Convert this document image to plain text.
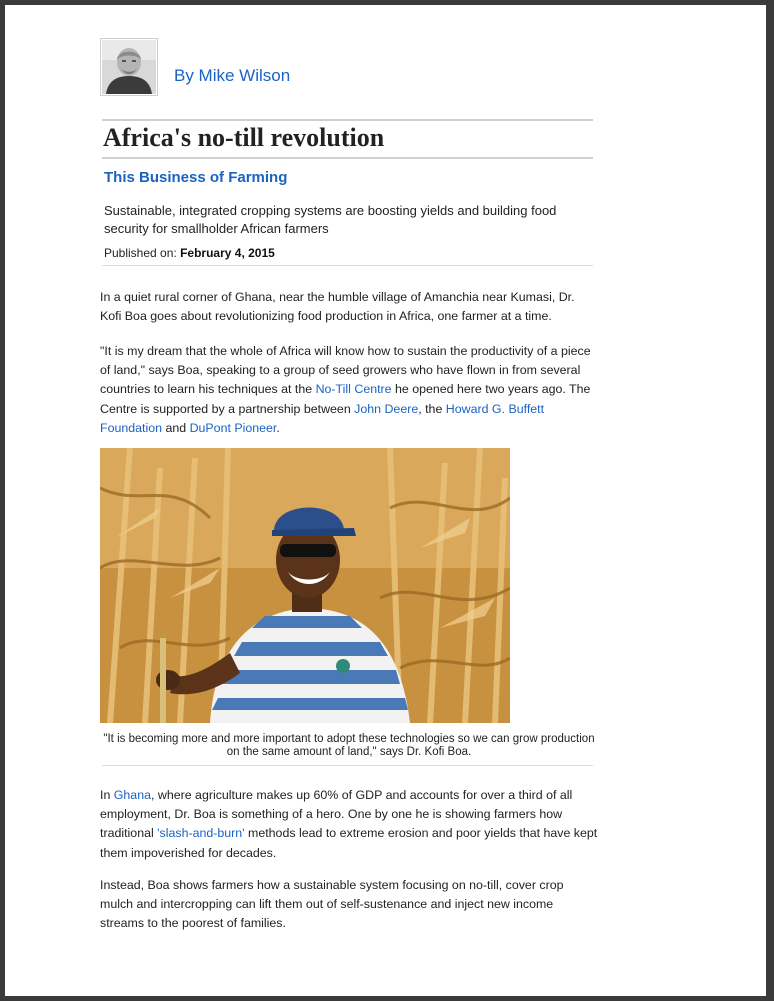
By Mike Wilson
Africa's no-till revolution
This Business of Farming

Sustainable, integrated cropping systems are boosting yields and building food security for smallholder African farmers

Published on: February 4, 2015

In a quiet rural corner of Ghana, near the humble village of Amanchia near Kumasi, Dr. Kofi Boa goes about revolutionizing food production in Africa, one farmer at a time.

"It is my dream that the whole of Africa will know how to sustain the productivity of a piece of land," says Boa, speaking to a group of seed growers who have flown in from several countries to learn his techniques at the No-Till Centre he opened here two years ago. The Centre is supported by a partnership between John Deere, the Howard G. Buffett Foundation and DuPont Pioneer.

"It is becoming more and more important to adopt these technologies so we can grow production on the same amount of land," says Dr. Kofi Boa.

In Ghana, where agriculture makes up 60% of GDP and accounts for over a third of all employment, Dr. Boa is something of a hero. One by one he is showing farmers how traditional 'slash-and-burn' methods lead to extreme erosion and poor yields that have kept them impoverished for decades.

Instead, Boa shows farmers how a sustainable system focusing on no-till, cover crop mulch and intercropping can lift them out of self-sustenance and inject new income streams to the poorest of families.
